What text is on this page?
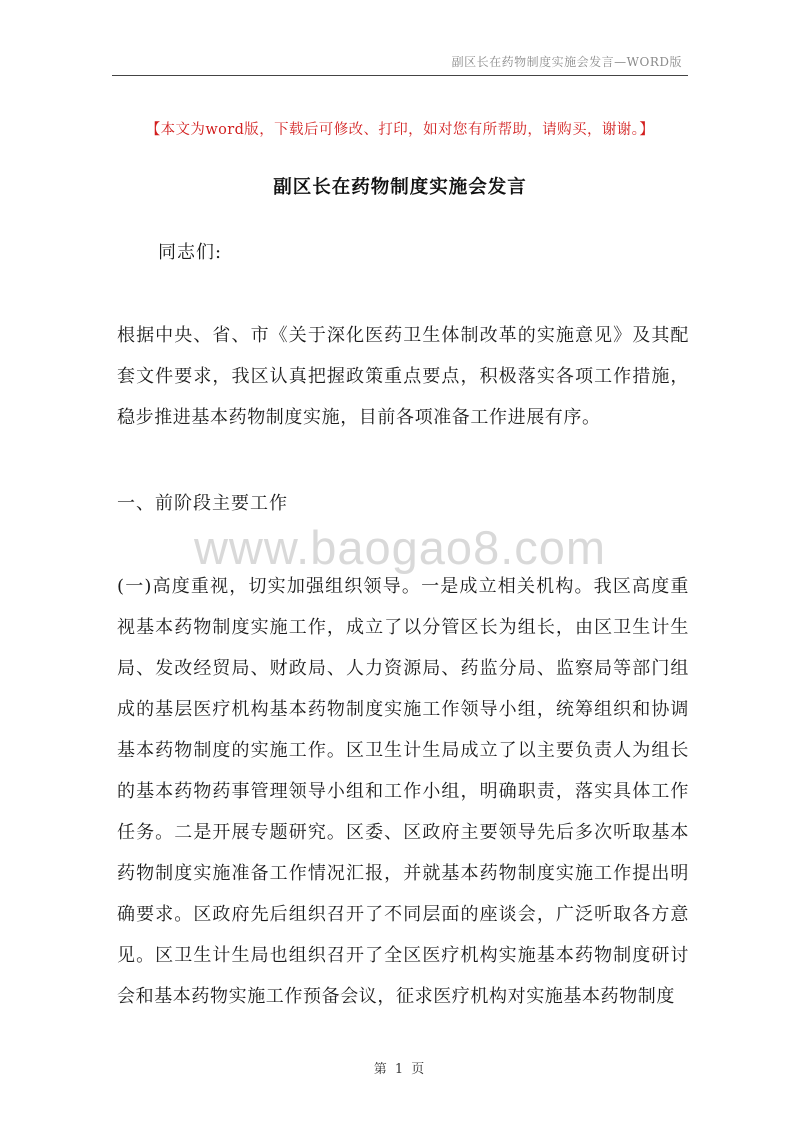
副区长在药物制度实施会发言—WORD版
【本文为word版，下载后可修改、打印，如对您有所帮助，请购买，谢谢。】
副区长在药物制度实施会发言
同志们:
根据中央、省、市《关于深化医药卫生体制改革的实施意见》及其配套文件要求，我区认真把握政策重点要点，积极落实各项工作措施，稳步推进基本药物制度实施，目前各项准备工作进展有序。
一、前阶段主要工作
www.baogao8.com
(一)高度重视，切实加强组织领导。一是成立相关机构。我区高度重视基本药物制度实施工作，成立了以分管区长为组长，由区卫生计生局、发改经贸局、财政局、人力资源局、药监分局、监察局等部门组成的基层医疗机构基本药物制度实施工作领导小组，统筹组织和协调基本药物制度的实施工作。区卫生计生局成立了以主要负责人为组长的基本药物药事管理领导小组和工作小组，明确职责，落实具体工作任务。二是开展专题研究。区委、区政府主要领导先后多次听取基本药物制度实施准备工作情况汇报，并就基本药物制度实施工作提出明确要求。区政府先后组织召开了不同层面的座谈会，广泛听取各方意见。区卫生计生局也组织召开了全区医疗机构实施基本药物制度研讨会和基本药物实施工作预备会议，征求医疗机构对实施基本药物制度
第 1 页
